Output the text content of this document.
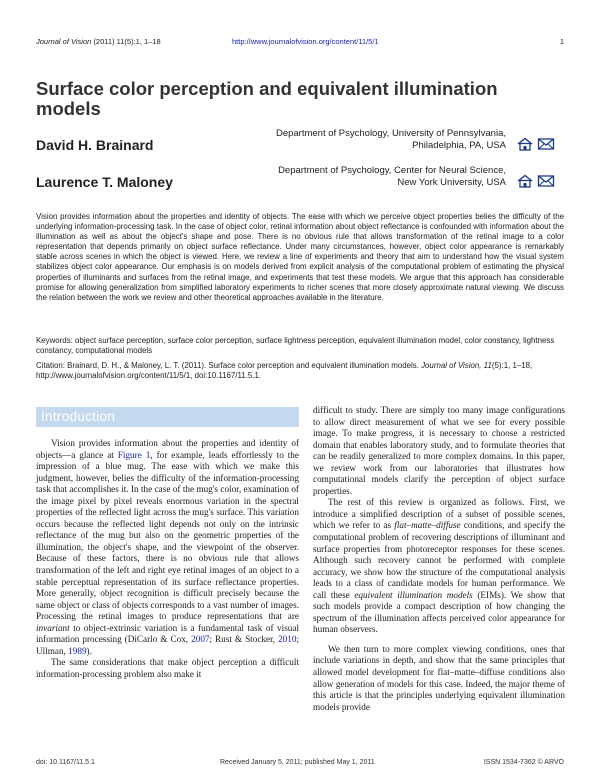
Journal of Vision (2011) 11(5):1, 1–18	http://www.journalofvision.org/content/11/5/1	1
Surface color perception and equivalent illumination models
David H. Brainard
Department of Psychology, University of Pennsylvania,
Philadelphia, PA, USA
Laurence T. Maloney
Department of Psychology, Center for Neural Science,
New York University, USA

Vision provides information about the properties and identity of objects. The ease with which we perceive object properties belies the difficulty of the underlying information-processing task. In the case of object color, retinal information about object reflectance is confounded with information about the illumination as well as about the object's shape and pose. There is no obvious rule that allows transformation of the retinal image to a color representation that depends primarily on object surface reflectance. Under many circumstances, however, object color appearance is remarkably stable across scenes in which the object is viewed. Here, we review a line of experiments and theory that aim to understand how the visual system stabilizes object color appearance. Our emphasis is on models derived from explicit analysis of the computational problem of estimating the physical properties of illuminants and surfaces from the retinal image, and experiments that test these models. We argue that this approach has considerable promise for allowing generalization from simplified laboratory experiments to richer scenes that more closely approximate natural viewing. We discuss the relation between the work we review and other theoretical approaches available in the literature.

Keywords: object surface perception, surface color perception, surface lightness perception, equivalent illumination model, color constancy, lightness constancy, computational models

Citation: Brainard, D. H., & Maloney, L. T. (2011). Surface color perception and equivalent illumination models. Journal of Vision, 11(5):1, 1–18, http://www.journalofvision.org/content/11/5/1, doi:10.1167/11.5.1.

Introduction

Vision provides information about the properties and identity of objects—a glance at Figure 1, for example, leads effortlessly to the impression of a blue mug. The ease with which we make this judgment, however, belies the difficulty of the information-processing task that accomplishes it. In the case of the mug's color, examination of the image pixel by pixel reveals enormous variation in the spectral properties of the reflected light across the mug's surface. This variation occurs because the reflected light depends not only on the intrinsic reflectance of the mug but also on the geometric properties of the illumination, the object's shape, and the viewpoint of the observer. Because of these factors, there is no obvious rule that allows transformation of the left and right eye retinal images of an object to a stable perceptual representation of its surface reflectance properties. More generally, object recognition is difficult precisely because the same object or class of objects corresponds to a vast number of images. Processing the retinal images to produce representations that are invariant to object-extrinsic variation is a fundamental task of visual information processing (DiCarlo & Cox, 2007; Rust & Stocker, 2010; Ullman, 1989).

The same considerations that make object perception a difficult information-processing problem also make it

difficult to study. There are simply too many image configurations to allow direct measurement of what we see for every possible image. To make progress, it is necessary to choose a restricted domain that enables laboratory study, and to formulate theories that can be readily generalized to more complex domains. In this paper, we review work from our laboratories that illustrates how computational models clarify the perception of object surface properties.

The rest of this review is organized as follows. First, we introduce a simplified description of a subset of possible scenes, which we refer to as flat–matte–diffuse conditions, and specify the computational problem of recovering descriptions of illuminant and surface properties from photoreceptor responses for these scenes. Although such recovery cannot be performed with complete accuracy, we show how the structure of the computational analysis leads to a class of candidate models for human performance. We call these equivalent illumination models (EIMs). We show that such models provide a compact description of how changing the spectrum of the illumination affects perceived color appearance for human observers.

We then turn to more complex viewing conditions, ones that include variations in depth, and show that the same principles that allowed model development for flat–matte–diffuse conditions also allow generation of models for this case. Indeed, the major theme of this article is that the principles underlying equivalent illumination models provide

doi: 10.1167/11.5.1	Received January 5, 2011; published May 1, 2011	ISSN 1534-7362 © ARVO
